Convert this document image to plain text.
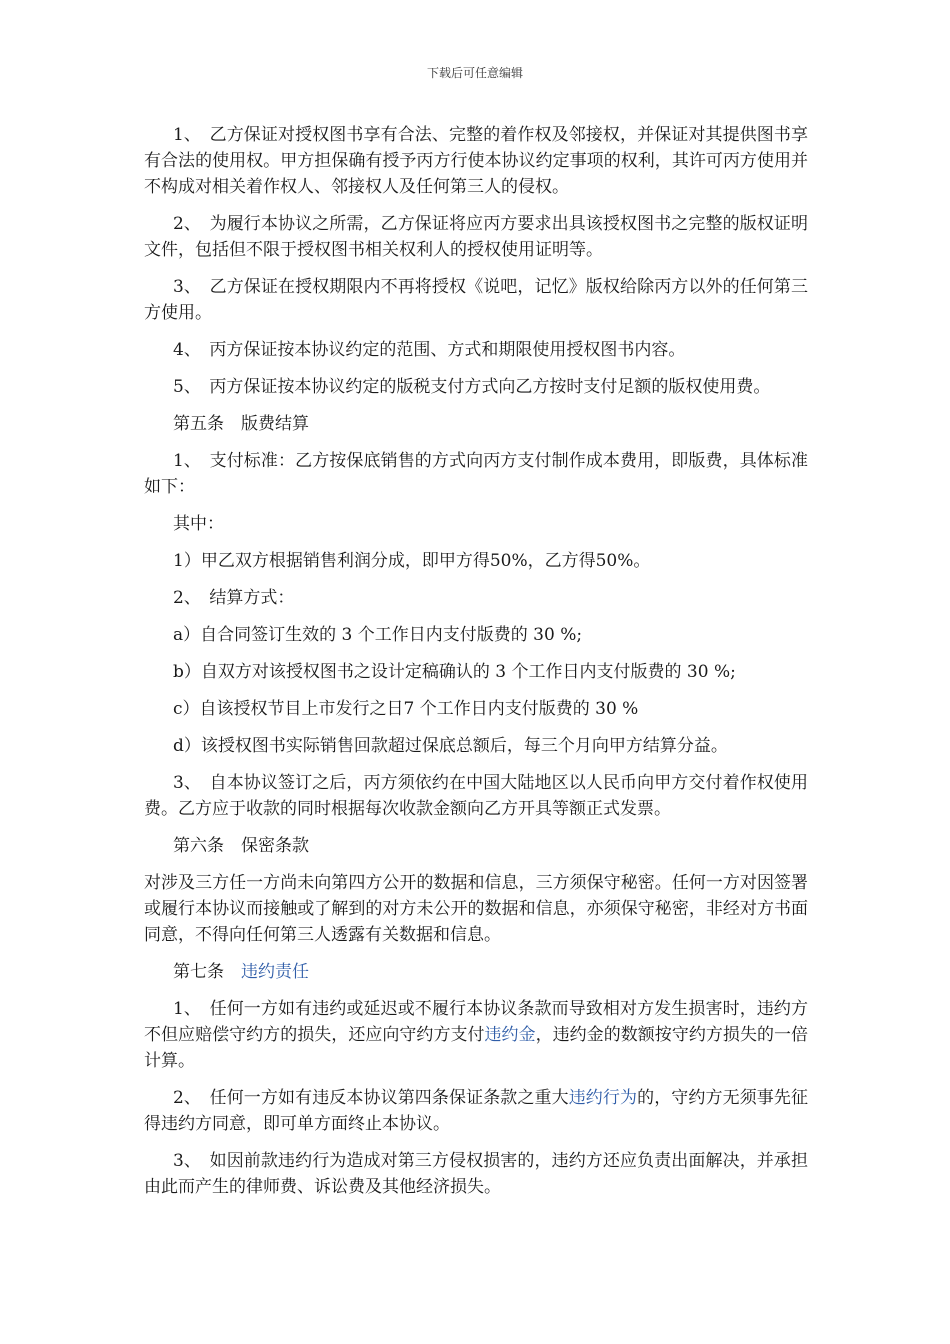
下载后可任意编辑

1、　乙方保证对授权图书享有合法、完整的着作权及邻接权，并保证对其提供图书享有合法的使用权。甲方担保确有授予丙方行使本协议约定事项的权利，其许可丙方使用并不构成对相关着作权人、邻接权人及任何第三人的侵权。

2、　为履行本协议之所需，乙方保证将应丙方要求出具该授权图书之完整的版权证明文件，包括但不限于授权图书相关权利人的授权使用证明等。

3、　乙方保证在授权期限内不再将授权《说吧，记忆》版权给除丙方以外的任何第三方使用。

4、　丙方保证按本协议约定的范围、方式和期限使用授权图书内容。

5、　丙方保证按本协议约定的版税支付方式向乙方按时支付足额的版权使用费。

第五条　版费结算

1、　支付标准：乙方按保底销售的方式向丙方支付制作成本费用，即版费，具体标准如下：

其中：

1）甲乙双方根据销售利润分成，即甲方得50%，乙方得50%。

2、　结算方式：

a）自合同签订生效的 3 个工作日内支付版费的 30 %;

b）自双方对该授权图书之设计定稿确认的 3 个工作日内支付版费的 30 %;

c）自该授权节目上市发行之日7 个工作日内支付版费的 30 %

d）该授权图书实际销售回款超过保底总额后，每三个月向甲方结算分益。

3、　自本协议签订之后，丙方须依约在中国大陆地区以人民币向甲方交付着作权使用费。乙方应于收款的同时根据每次收款金额向乙方开具等额正式发票。

第六条　保密条款

对涉及三方任一方尚未向第四方公开的数据和信息，三方须保守秘密。任何一方对因签署或履行本协议而接触或了解到的对方未公开的数据和信息，亦须保守秘密，非经对方书面同意，不得向任何第三人透露有关数据和信息。

第七条　违约责任

1、　任何一方如有违约或延迟或不履行本协议条款而导致相对方发生损害时，违约方不但应赔偿守约方的损失，还应向守约方支付违约金，违约金的数额按守约方损失的一倍计算。

2、　任何一方如有违反本协议第四条保证条款之重大违约行为的，守约方无须事先征得违约方同意，即可单方面终止本协议。

3、　如因前款违约行为造成对第三方侵权损害的，违约方还应负责出面解决，并承担由此而产生的律师费、诉讼费及其他经济损失。
